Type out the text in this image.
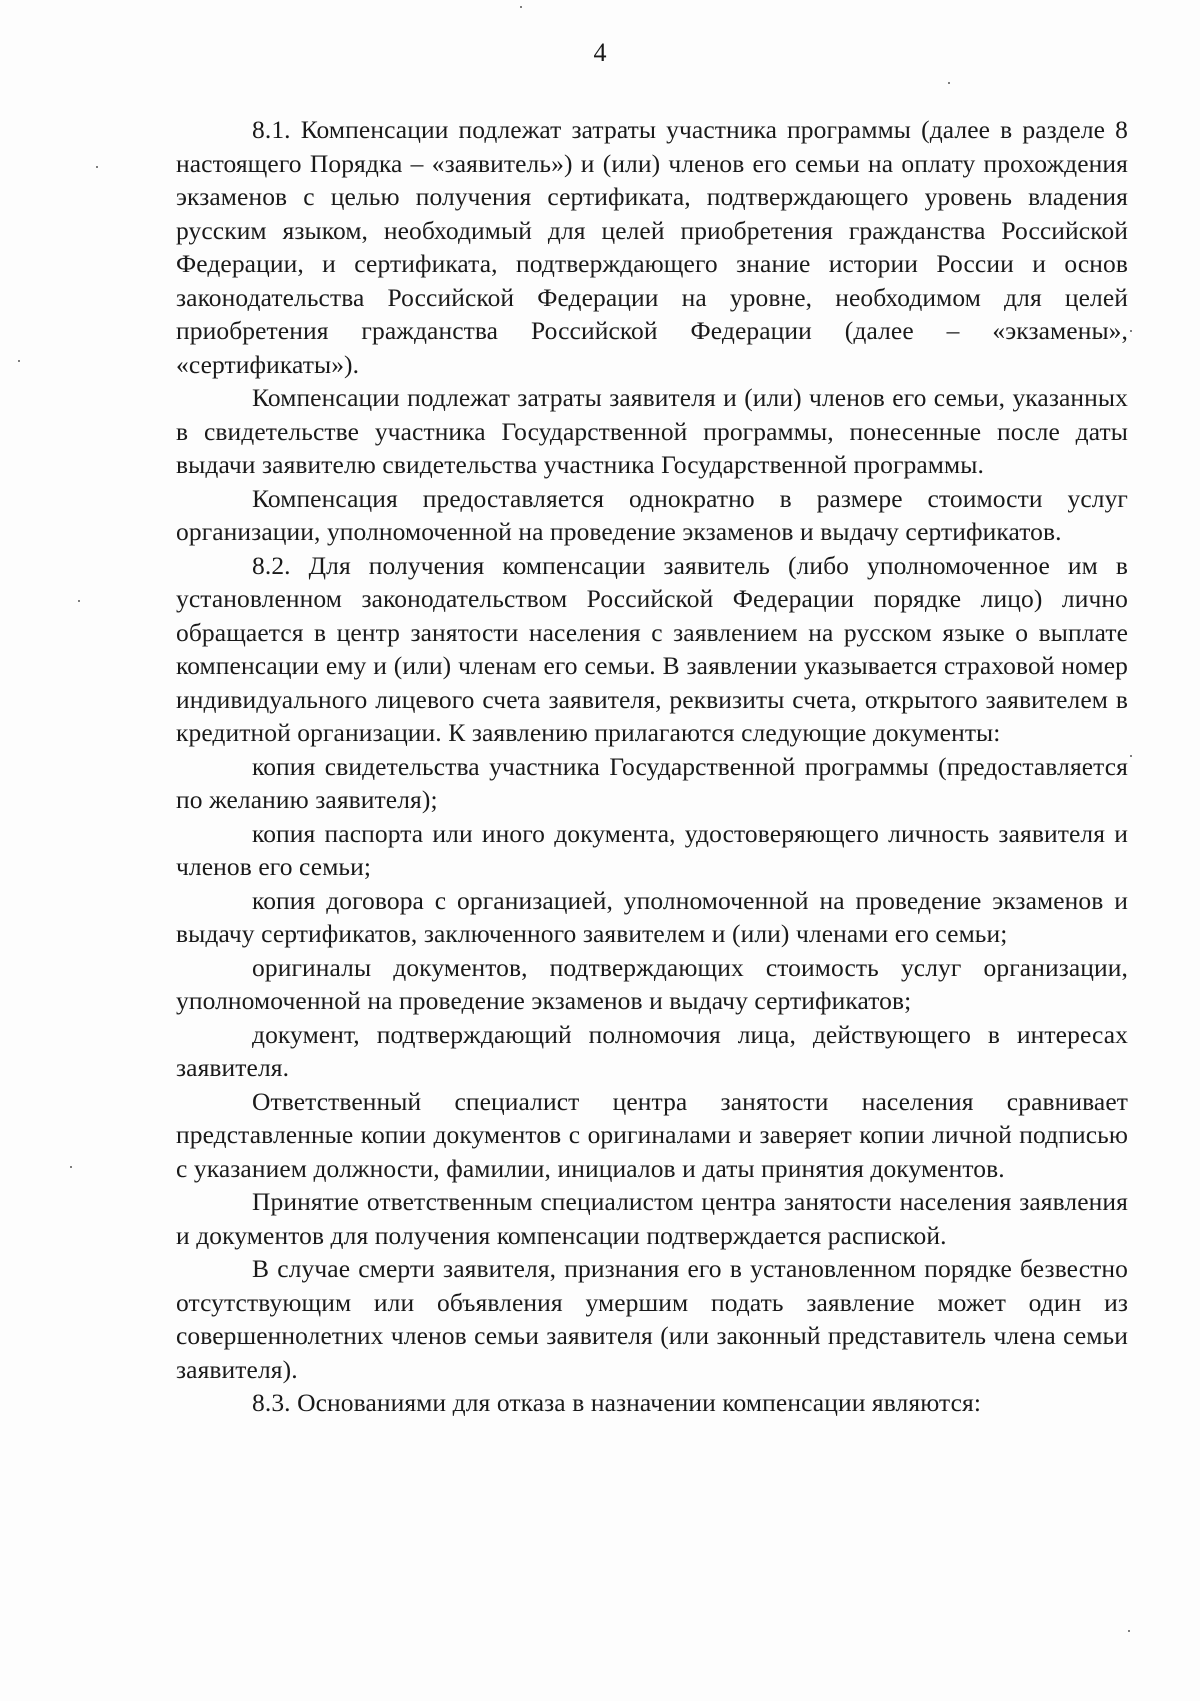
4

8.1. Компенсации подлежат затраты участника программы (далее в разделе 8 настоящего Порядка – «заявитель») и (или) членов его семьи на оплату прохождения экзаменов с целью получения сертификата, подтверждающего уровень владения русским языком, необходимый для целей приобретения гражданства Российской Федерации, и сертификата, подтверждающего знание истории России и основ законодательства Российской Федерации на уровне, необходимом для целей приобретения гражданства Российской Федерации (далее – «экзамены», «сертификаты»).

Компенсации подлежат затраты заявителя и (или) членов его семьи, указанных в свидетельстве участника Государственной программы, понесенные после даты выдачи заявителю свидетельства участника Государственной программы.

Компенсация предоставляется однократно в размере стоимости услуг организации, уполномоченной на проведение экзаменов и выдачу сертификатов.

8.2. Для получения компенсации заявитель (либо уполномоченное им в установленном законодательством Российской Федерации порядке лицо) лично обращается в центр занятости населения с заявлением на русском языке о выплате компенсации ему и (или) членам его семьи. В заявлении указывается страховой номер индивидуального лицевого счета заявителя, реквизиты счета, открытого заявителем в кредитной организации. К заявлению прилагаются следующие документы:

копия свидетельства участника Государственной программы (предоставляется по желанию заявителя);

копия паспорта или иного документа, удостоверяющего личность заявителя и членов его семьи;

копия договора с организацией, уполномоченной на проведение экзаменов и выдачу сертификатов, заключенного заявителем и (или) членами его семьи;

оригиналы документов, подтверждающих стоимость услуг организации, уполномоченной на проведение экзаменов и выдачу сертификатов;

документ, подтверждающий полномочия лица, действующего в интересах заявителя.

Ответственный специалист центра занятости населения сравнивает представленные копии документов с оригиналами и заверяет копии личной подписью с указанием должности, фамилии, инициалов и даты принятия документов.

Принятие ответственным специалистом центра занятости населения заявления и документов для получения компенсации подтверждается распиской.

В случае смерти заявителя, признания его в установленном порядке безвестно отсутствующим или объявления умершим подать заявление может один из совершеннолетних членов семьи заявителя (или законный представитель члена семьи заявителя).

8.3. Основаниями для отказа в назначении компенсации являются:
